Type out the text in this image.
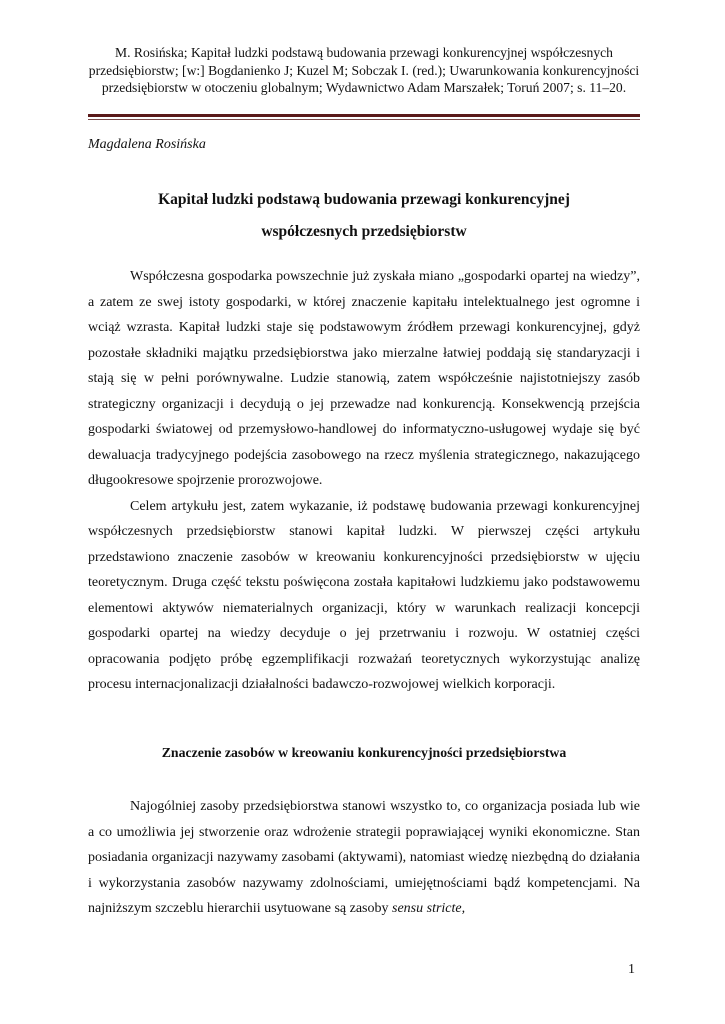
M. Rosińska; Kapitał ludzki podstawą budowania przewagi konkurencyjnej współczesnych przedsiębiorstw; [w:] Bogdanienko J; Kuzel M; Sobczak I. (red.); Uwarunkowania konkurencyjności przedsiębiorstw w otoczeniu globalnym; Wydawnictwo Adam Marszałek; Toruń 2007; s. 11–20.
Magdalena Rosińska
Kapitał ludzki podstawą budowania przewagi konkurencyjnej
współczesnych przedsiębiorstw

Współczesna gospodarka powszechnie już zyskała miano „gospodarki opartej na wiedzy”, a zatem ze swej istoty gospodarki, w której znaczenie kapitału intelektualnego jest ogromne i wciąż wzrasta. Kapitał ludzki staje się podstawowym źródłem przewagi konkurencyjnej, gdyż pozostałe składniki majątku przedsiębiorstwa jako mierzalne łatwiej poddają się standaryzacji i stają się w pełni porównywalne. Ludzie stanowią, zatem współcześnie najistotniejszy zasób strategiczny organizacji i decydują o jej przewadze nad konkurencją. Konsekwencją przejścia gospodarki światowej od przemysłowo-handlowej do informatyczno-usługowej wydaje się być dewaluacja tradycyjnego podejścia zasobowego na rzecz myślenia strategicznego, nakazującego długookresowe spojrzenie prorozwojowe.

Celem artykułu jest, zatem wykazanie, iż podstawę budowania przewagi konkurencyjnej współczesnych przedsiębiorstw stanowi kapitał ludzki. W pierwszej części artykułu przedstawiono znaczenie zasobów w kreowaniu konkurencyjności przedsiębiorstw w ujęciu teoretycznym. Druga część tekstu poświęcona została kapitałowi ludzkiemu jako podstawowemu elementowi aktywów niematerialnych organizacji, który w warunkach realizacji koncepcji gospodarki opartej na wiedzy decyduje o jej przetrwaniu i rozwoju. W ostatniej części opracowania podjęto próbę egzemplifikacji rozważań teoretycznych wykorzystując analizę procesu internacjonalizacji działalności badawczo-rozwojowej wielkich korporacji.

Znaczenie zasobów w kreowaniu konkurencyjności przedsiębiorstwa

Najogólniej zasoby przedsiębiorstwa stanowi wszystko to, co organizacja posiada lub wie a co umożliwia jej stworzenie oraz wdrożenie strategii poprawiającej wyniki ekonomiczne. Stan posiadania organizacji nazywamy zasobami (aktywami), natomiast wiedzę niezbędną do działania i wykorzystania zasobów nazywamy zdolnościami, umiejętnościami bądź kompetencjami. Na najniższym szczeblu hierarchii usytuowane są zasoby sensu stricte,

1
